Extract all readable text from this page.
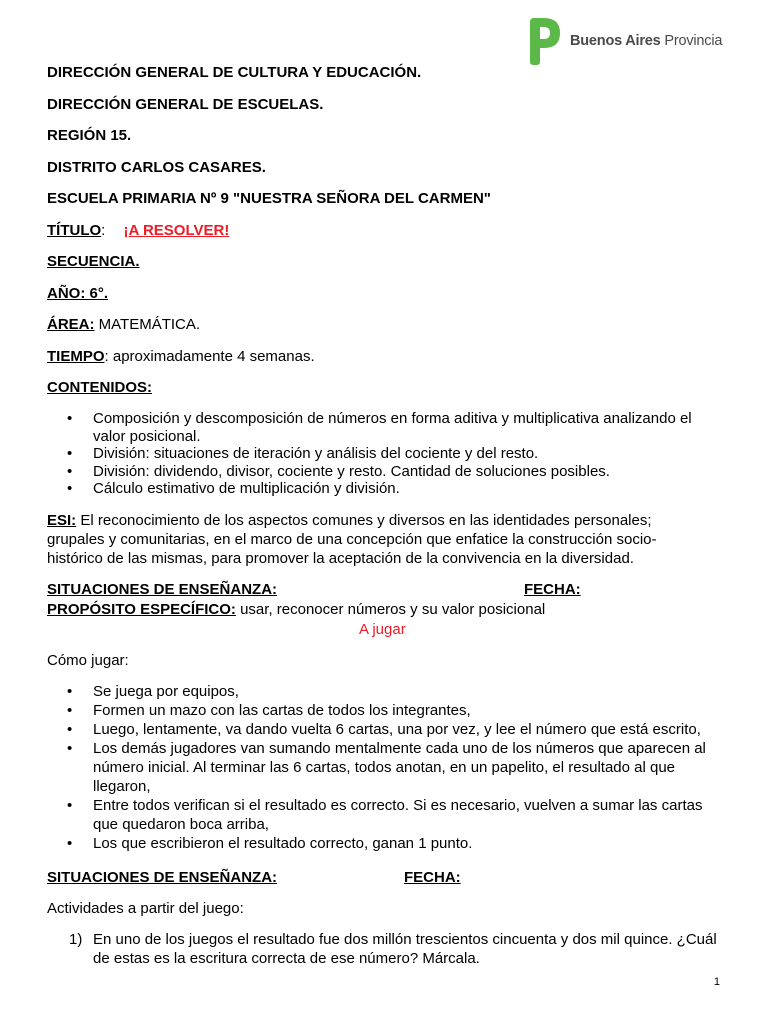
Buenos Aires Provincia
DIRECCIÓN GENERAL DE CULTURA Y EDUCACIÓN.
DIRECCIÓN GENERAL DE ESCUELAS.
REGIÓN 15.
DISTRITO CARLOS CASARES.
ESCUELA PRIMARIA Nº 9 "NUESTRA SEÑORA DEL CARMEN"
TÍTULO: ¡A RESOLVER!
SECUENCIA.
AÑO: 6°.
ÁREA: MATEMÁTICA.
TIEMPO: aproximadamente 4 semanas.
CONTENIDOS:
• Composición y descomposición de números en forma aditiva y multiplicativa analizando el valor posicional.
• División: situaciones de iteración y análisis del cociente y del resto.
• División: dividendo, divisor, cociente y resto. Cantidad de soluciones posibles.
• Cálculo estimativo de multiplicación y división.
ESI: El reconocimiento de los aspectos comunes y diversos en las identidades personales; grupales y comunitarias, en el marco de una concepción que enfatice la construcción socio-histórico de las mismas, para promover la aceptación de la convivencia en la diversidad.
SITUACIONES DE ENSEÑANZA:	FECHA:
PROPÓSITO ESPECÍFICO: usar, reconocer números y su valor posicional
A jugar
Cómo jugar:
• Se juega por equipos,
• Formen un mazo con las cartas de todos los integrantes,
• Luego, lentamente, va dando vuelta 6 cartas, una por vez, y lee el número que está escrito,
• Los demás jugadores van sumando mentalmente cada uno de los números que aparecen al número inicial. Al terminar las 6 cartas, todos anotan, en un papelito, el resultado al que llegaron,
• Entre todos verifican si el resultado es correcto. Si es necesario, vuelven a sumar las cartas que quedaron boca arriba,
• Los que escribieron el resultado correcto, ganan 1 punto.
SITUACIONES DE ENSEÑANZA:	FECHA:
Actividades a partir del juego:
1) En uno de los juegos el resultado fue dos millón trescientos cincuenta y dos mil quince. ¿Cuál de estas es la escritura correcta de ese número? Márcala.
1
